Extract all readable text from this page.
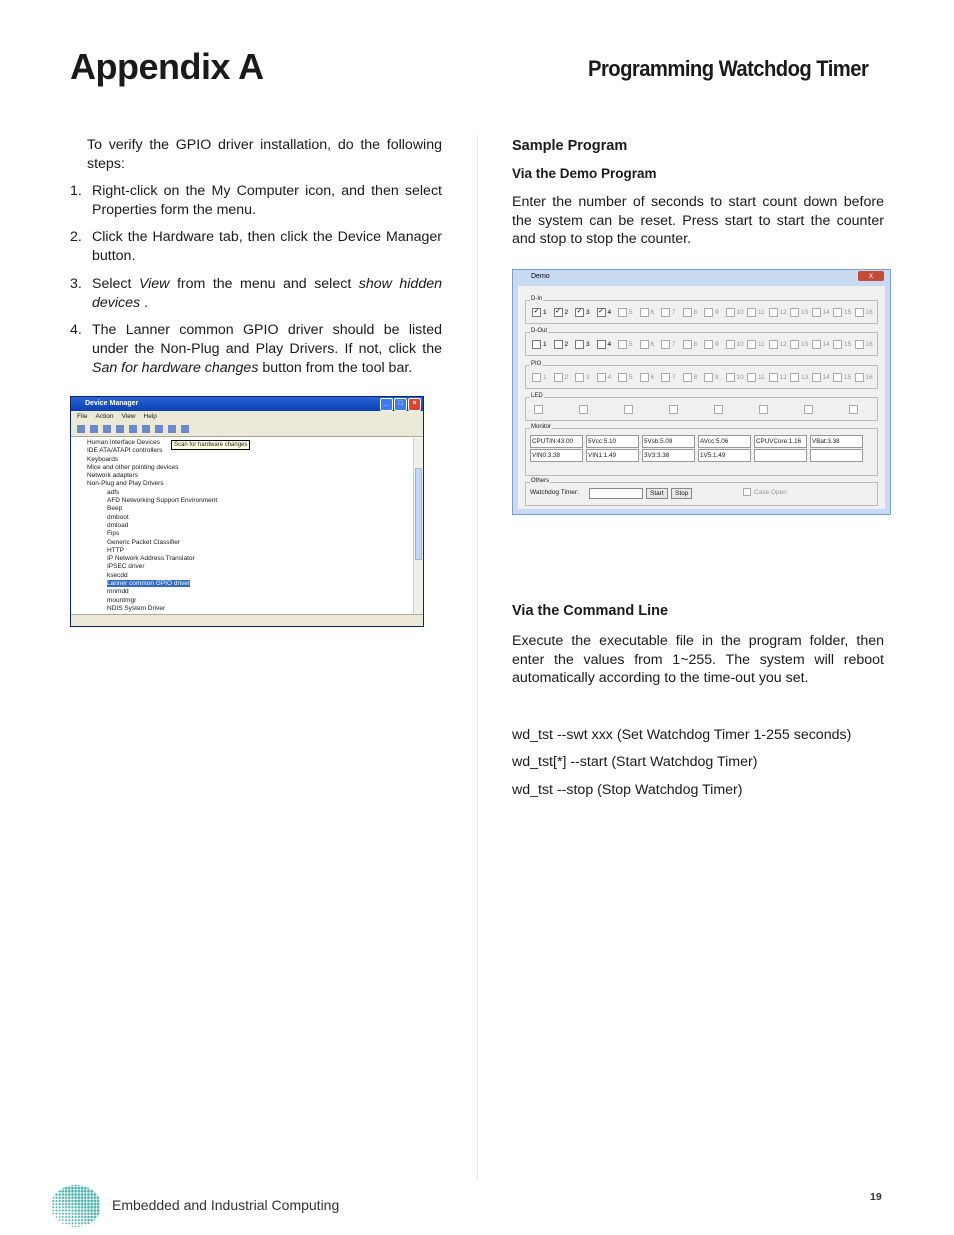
Appendix A	Programming Watchdog Timer
To verify the GPIO driver installation, do the following steps:
1. Right-click on the My Computer icon, and then select Properties form the menu.
2. Click the Hardware tab, then click the Device Manager button.
3. Select View from the menu and select show hidden devices .
4. The Lanner common GPIO driver should be listed under the Non-Plug and Play Drivers. If not, click the San for hardware changes button from the tool bar.
Device Manager	_	□	×
File Action View Help
Human Interface Devices
IDE ATA/ATAPI controllers
Keyboards
Mice and other pointing devices
Network adapters
Non-Plug and Play Drivers
adfs
AFD Networking Support Environment
Beep
dmboot
dmload
Fips
Generic Packet Classifier
HTTP
IP Network Address Translator
IPSEC driver
ksecdd
Lanner common GPIO driver
mnmdd
mountmgr
NDIS System Driver
Scan for hardware changes
Sample Program
Via the Demo Program
Enter the number of seconds to start count down before the system can be reset. Press start to start the counter and stop to stop the counter.
Demo	x
D-In
✓ 1 ✓ 2 ✓ 3 ✓ 4	5	6	7	8	9	10 11 12 13 14 15 16
D-Out
1	2	3	4	5	6	7	8	9	10 11 12 13 14 15 16
PIO
1	2	3	4	5	6	7	8	9	10 11 12 13 14 15 16
LED
Monitor
CPUTIN:43.00	5Vcc:5.10	5Vsb:5.09	AVcc:5.06	CPUVCore:1.16	VBat:3.38
VIN0:3.38	VIN1:1.49	3V3:3.38	1V5:1.49
Others
Watchdog Timer:	Start	Stop	Case Open
Via the Command Line
Execute the executable file in the program folder, then enter the values from 1~255. The system will reboot automatically according to the time-out you set.
wd_tst --swt xxx (Set Watchdog Timer 1-255 seconds)
wd_tst[*] --start (Start Watchdog Timer)
wd_tst --stop (Stop Watchdog Timer)
Embedded and Industrial Computing	19
